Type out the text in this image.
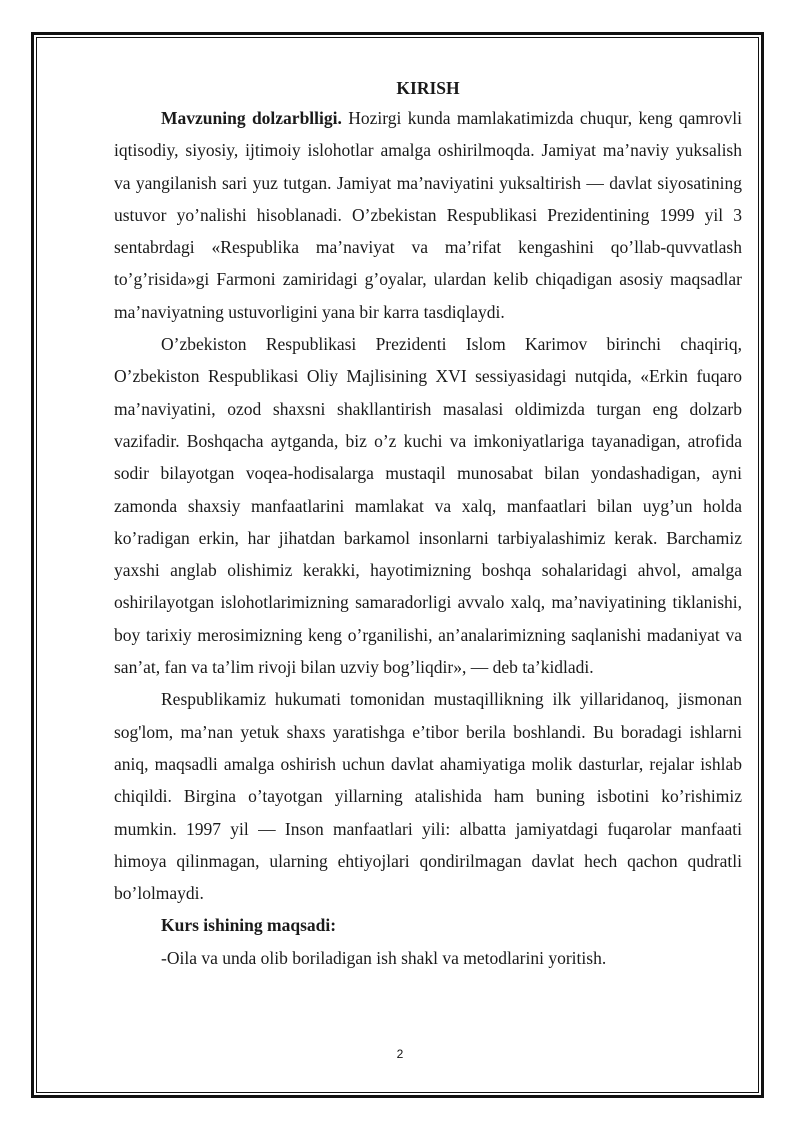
KIRISH

Mavzuning dolzarblligi. Hozirgi kunda mamlakatimizda chuqur, keng qamrovli iqtisodiy, siyosiy, ijtimoiy islohotlar amalga oshirilmoqda. Jamiyat ma’naviy yuksalish va yangilanish sari yuz tutgan. Jamiyat ma’naviyatini yuksaltirish — davlat siyosatining ustuvor yo’nalishi hisoblanadi. O’zbekistan Respublikasi Prezidentining 1999 yil 3 sentabrdagi «Respublika ma’naviyat va ma’rifat kengashini qo’llab-quvvatlash to’g’risida»gi Farmoni zamiridagi g’oyalar, ulardan kelib chiqadigan asosiy maqsadlar ma’naviyatning ustuvorligini yana bir karra tasdiqlaydi.

O’zbekiston Respublikasi Prezidenti Islom Karimov birinchi chaqiriq, O’zbekiston Respublikasi Oliy Majlisining XVI sessiyasidagi nutqida, «Erkin fuqaro ma’naviyatini, ozod shaxsni shakllantirish masalasi oldimizda turgan eng dolzarb vazifadir. Boshqacha aytganda, biz o’z kuchi va imkoniyatlariga tayanadigan, atrofida sodir bilayotgan voqea-hodisalarga mustaqil munosabat bilan yondashadigan, ayni zamonda shaxsiy manfaatlarini mamlakat va xalq, manfaatlari bilan uyg’un holda ko’radigan erkin, har jihatdan barkamol insonlarni tarbiyalashimiz kerak. Barchamiz yaxshi anglab olishimiz kerakki, hayotimizning boshqa sohalaridagi ahvol, amalga oshirilayotgan islohotlarimizning samaradorligi avvalo xalq, ma’naviyatining tiklanishi, boy tarixiy merosimizning keng o’rganilishi, an’analarimizning saqlanishi madaniyat va san’at, fan va ta’lim rivoji bilan uzviy bog’liqdir», — deb ta’kidladi.

Respublikamiz hukumati tomonidan mustaqillikning ilk yillaridanoq, jismonan sog'lom, ma’nan yetuk shaxs yaratishga e’tibor berila boshlandi. Bu boradagi ishlarni aniq, maqsadli amalga oshirish uchun davlat ahamiyatiga molik dasturlar, rejalar ishlab chiqildi. Birgina o’tayotgan yillarning atalishida ham buning isbotini ko’rishimiz mumkin. 1997 yil — Inson manfaatlari yili: albatta jamiyatdagi fuqarolar manfaati himoya qilinmagan, ularning ehtiyojlari qondirilmagan davlat hech qachon qudratli bo’lolmaydi.

Kurs ishining maqsadi:

-Oila va unda olib boriladigan ish shakl va metodlarini yoritish.

2
